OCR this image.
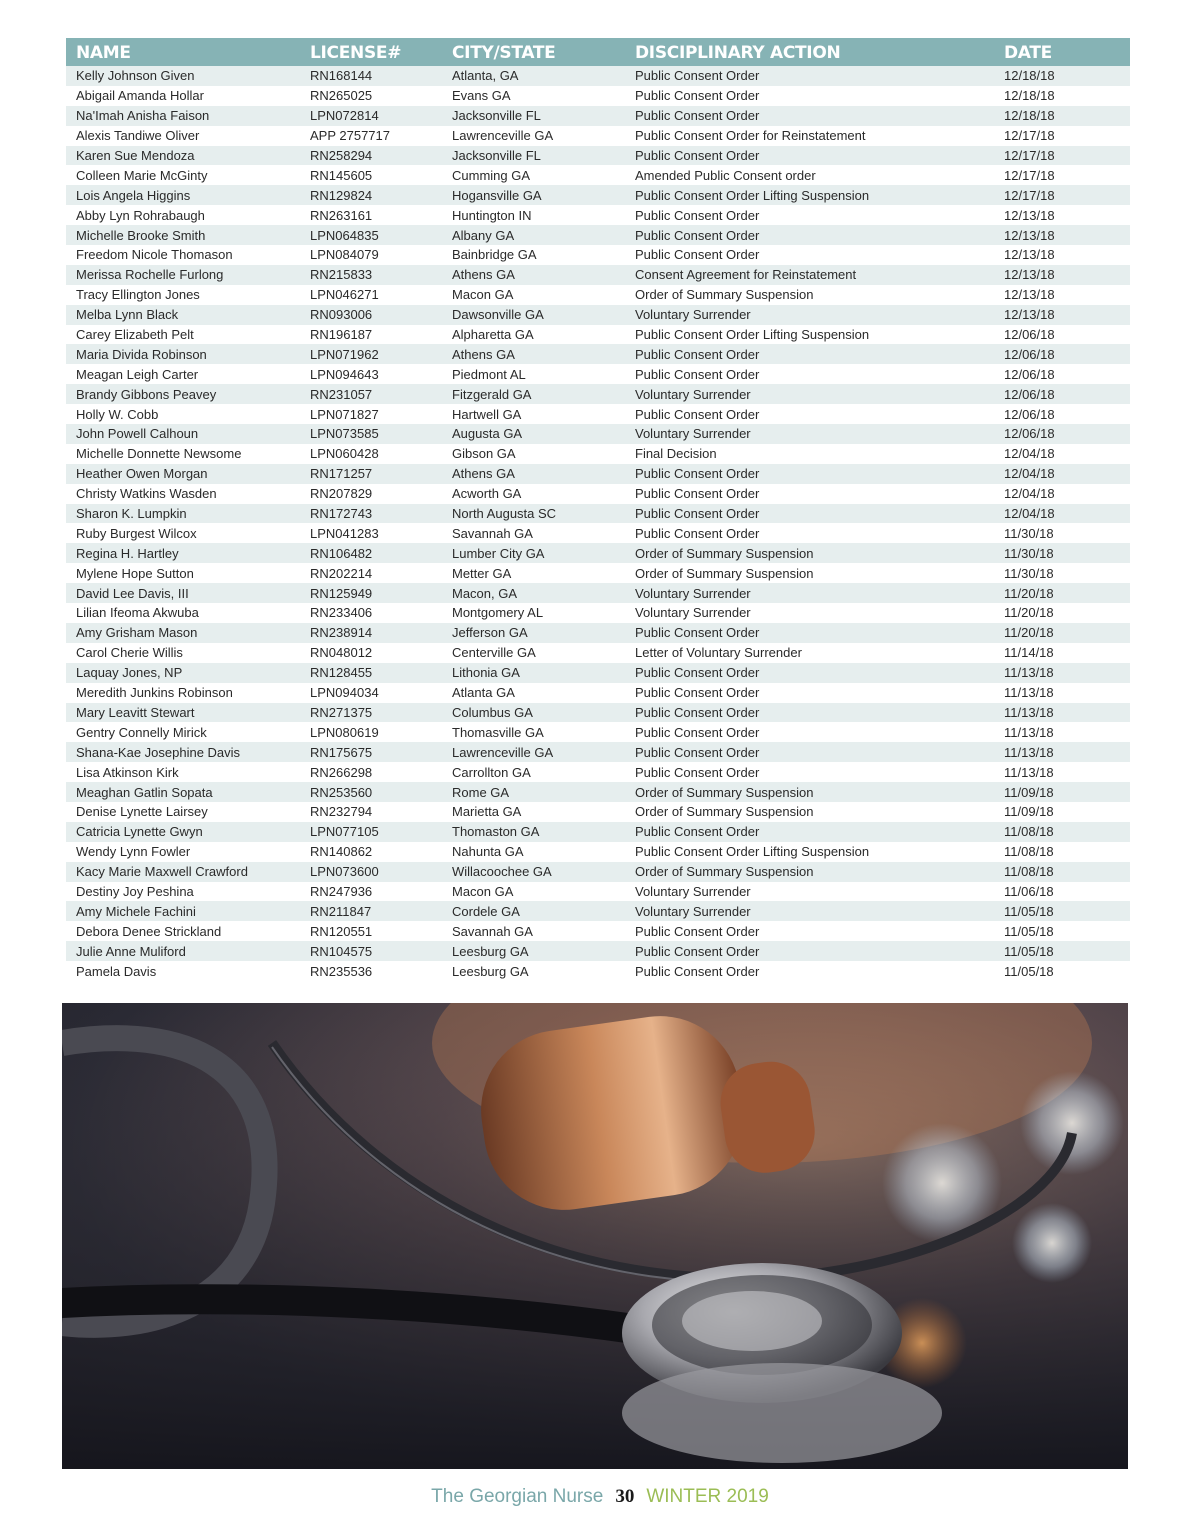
NAME	LICENSE#	CITY/STATE	DISCIPLINARY ACTION	DATE
Kelly Johnson Given	RN168144	Atlanta, GA	Public Consent Order	12/18/18
Abigail Amanda Hollar	RN265025	Evans GA	Public Consent Order	12/18/18
Na'Imah Anisha Faison	LPN072814	Jacksonville FL	Public Consent Order	12/18/18
Alexis Tandiwe Oliver	APP 2757717	Lawrenceville GA	Public Consent Order for Reinstatement	12/17/18
Karen Sue Mendoza	RN258294	Jacksonville FL	Public Consent Order	12/17/18
Colleen Marie McGinty	RN145605	Cumming GA	Amended Public Consent order	12/17/18
Lois Angela Higgins	RN129824	Hogansville GA	Public Consent Order Lifting Suspension	12/17/18
Abby Lyn Rohrabaugh	RN263161	Huntington IN	Public Consent Order	12/13/18
Michelle Brooke Smith	LPN064835	Albany GA	Public Consent Order	12/13/18
Freedom Nicole Thomason	LPN084079	Bainbridge GA	Public Consent Order	12/13/18
Merissa Rochelle Furlong	RN215833	Athens GA	Consent Agreement for Reinstatement	12/13/18
Tracy Ellington Jones	LPN046271	Macon GA	Order of Summary Suspension	12/13/18
Melba Lynn Black	RN093006	Dawsonville GA	Voluntary Surrender	12/13/18
Carey Elizabeth Pelt	RN196187	Alpharetta GA	Public Consent Order Lifting Suspension	12/06/18
Maria Divida Robinson	LPN071962	Athens GA	Public Consent Order	12/06/18
Meagan Leigh Carter	LPN094643	Piedmont AL	Public Consent Order	12/06/18
Brandy Gibbons Peavey	RN231057	Fitzgerald GA	Voluntary Surrender	12/06/18
Holly W. Cobb	LPN071827	Hartwell GA	Public Consent Order	12/06/18
John Powell Calhoun	LPN073585	Augusta GA	Voluntary Surrender	12/06/18
Michelle Donnette Newsome	LPN060428	Gibson GA	Final Decision	12/04/18
Heather Owen Morgan	RN171257	Athens GA	Public Consent Order	12/04/18
Christy Watkins Wasden	RN207829	Acworth GA	Public Consent Order	12/04/18
Sharon K. Lumpkin	RN172743	North Augusta SC	Public Consent Order	12/04/18
Ruby Burgest Wilcox	LPN041283	Savannah GA	Public Consent Order	11/30/18
Regina H. Hartley	RN106482	Lumber City GA	Order of Summary Suspension	11/30/18
Mylene Hope Sutton	RN202214	Metter GA	Order of Summary Suspension	11/30/18
David Lee Davis, III	RN125949	Macon, GA	Voluntary Surrender	11/20/18
Lilian Ifeoma Akwuba	RN233406	Montgomery AL	Voluntary Surrender	11/20/18
Amy Grisham Mason	RN238914	Jefferson GA	Public Consent Order	11/20/18
Carol Cherie Willis	RN048012	Centerville GA	Letter of Voluntary Surrender	11/14/18
Laquay Jones, NP	RN128455	Lithonia GA	Public Consent Order	11/13/18
Meredith Junkins Robinson	LPN094034	Atlanta GA	Public Consent Order	11/13/18
Mary Leavitt Stewart	RN271375	Columbus GA	Public Consent Order	11/13/18
Gentry Connelly Mirick	LPN080619	Thomasville GA	Public Consent Order	11/13/18
Shana-Kae Josephine Davis	RN175675	Lawrenceville GA	Public Consent Order	11/13/18
Lisa Atkinson Kirk	RN266298	Carrollton GA	Public Consent Order	11/13/18
Meaghan Gatlin Sopata	RN253560	Rome GA	Order of Summary Suspension	11/09/18
Denise Lynette Lairsey	RN232794	Marietta GA	Order of Summary Suspension	11/09/18
Catricia Lynette Gwyn	LPN077105	Thomaston GA	Public Consent Order	11/08/18
Wendy Lynn Fowler	RN140862	Nahunta GA	Public Consent Order Lifting Suspension	11/08/18
Kacy Marie Maxwell Crawford	LPN073600	Willacoochee GA	Order of Summary Suspension	11/08/18
Destiny Joy Peshina	RN247936	Macon GA	Voluntary Surrender	11/06/18
Amy Michele Fachini	RN211847	Cordele GA	Voluntary Surrender	11/05/18
Debora Denee Strickland	RN120551	Savannah GA	Public Consent Order	11/05/18
Julie Anne Muliford	RN104575	Leesburg GA	Public Consent Order	11/05/18
Pamela Davis	RN235536	Leesburg GA	Public Consent Order	11/05/18
The Georgian Nurse 30 WINTER 2019
